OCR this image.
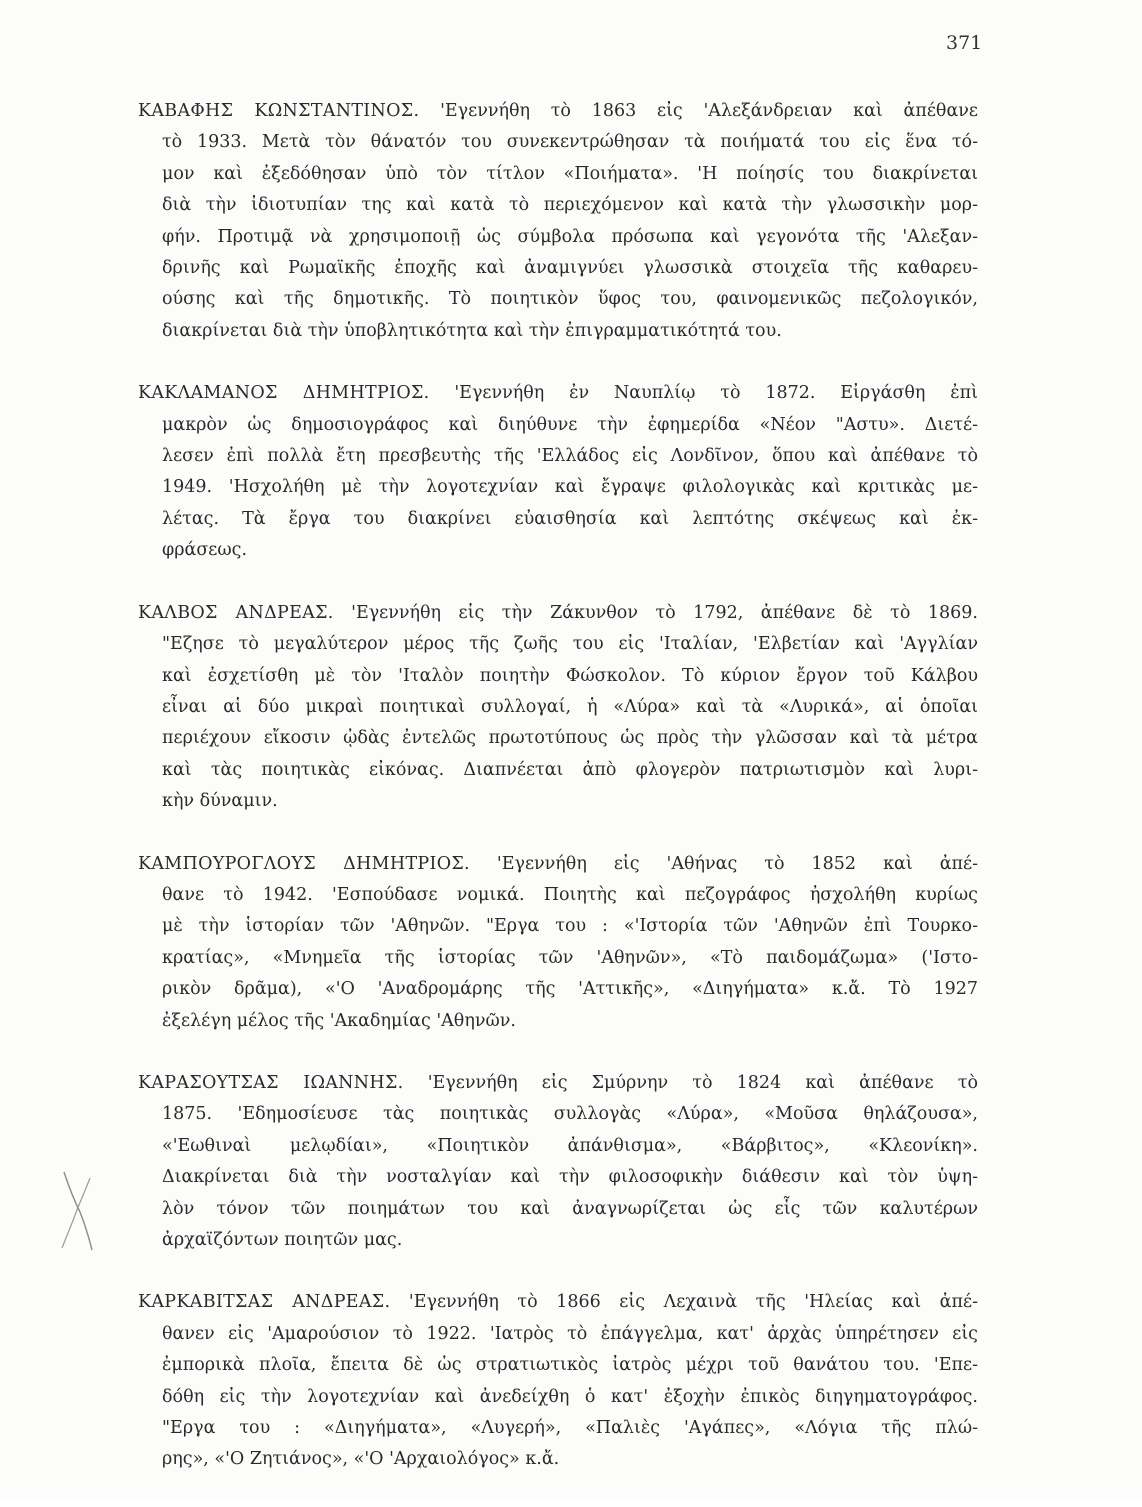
371
ΚΑΒΑΦΗΣ ΚΩΝΣΤΑΝΤΙΝΟΣ. 'Εγεννήθη τὸ 1863 εἰς 'Αλεξάνδρειαν καὶ ἀπέθανε
τὸ 1933. Μετὰ τὸν θάνατόν του συνεκεντρώθησαν τὰ ποιήματά του εἰς ἕνα τό-
μον καὶ ἐξεδόθησαν ὑπὸ τὸν τίτλον «Ποιήματα». 'Η ποίησίς του διακρίνεται
διὰ τὴν ἰδιοτυπίαν της καὶ κατὰ τὸ περιεχόμενον καὶ κατὰ τὴν γλωσσικὴν μορ-
φήν. Προτιμᾷ νὰ χρησιμοποιῇ ὡς σύμβολα πρόσωπα καὶ γεγονότα τῆς 'Αλεξαν-
δρινῆς καὶ Ρωμαϊκῆς ἐποχῆς καὶ ἀναμιγνύει γλωσσικὰ στοιχεῖα τῆς καθαρευ-
ούσης καὶ τῆς δημοτικῆς. Τὸ ποιητικὸν ὕφος του, φαινομενικῶς πεζολογικόν,
διακρίνεται διὰ τὴν ὑποβλητικότητα καὶ τὴν ἐπιγραμματικότητά του.
ΚΑΚΛΑΜΑΝΟΣ ΔΗΜΗΤΡΙΟΣ. 'Εγεννήθη ἐν Ναυπλίῳ τὸ 1872. Εἰργάσθη ἐπὶ
μακρὸν ὡς δημοσιογράφος καὶ διηύθυνε τὴν ἐφημερίδα «Νέον "Αστυ». Διετέ-
λεσεν ἐπὶ πολλὰ ἔτη πρεσβευτὴς τῆς 'Ελλάδος εἰς Λονδῖνον, ὅπου καὶ ἀπέθανε τὸ
1949. 'Ησχολήθη μὲ τὴν λογοτεχνίαν καὶ ἔγραψε φιλολογικὰς καὶ κριτικὰς με-
λέτας. Τὰ ἔργα του διακρίνει εὐαισθησία καὶ λεπτότης σκέψεως καὶ ἐκ-
φράσεως.
ΚΑΛΒΟΣ ΑΝΔΡΕΑΣ. 'Εγεννήθη εἰς τὴν Ζάκυνθον τὸ 1792, ἀπέθανε δὲ τὸ 1869.
"Εζησε τὸ μεγαλύτερον μέρος τῆς ζωῆς του εἰς 'Ιταλίαν, 'Ελβετίαν καὶ 'Αγγλίαν
καὶ ἐσχετίσθη μὲ τὸν 'Ιταλὸν ποιητὴν Φώσκολον. Τὸ κύριον ἔργον τοῦ Κάλβου
εἶναι αἱ δύο μικραὶ ποιητικαὶ συλλογαί, ἡ «Λύρα» καὶ τὰ «Λυρικά», αἱ ὁποῖαι
περιέχουν εἴκοσιν ᾠδὰς ἐντελῶς πρωτοτύπους ὡς πρὸς τὴν γλῶσσαν καὶ τὰ μέτρα
καὶ τὰς ποιητικὰς εἰκόνας. Διαπνέεται ἀπὸ φλογερὸν πατριωτισμὸν καὶ λυρι-
κὴν δύναμιν.
ΚΑΜΠΟΥΡΟΓΛΟΥΣ ΔΗΜΗΤΡΙΟΣ. 'Εγεννήθη εἰς 'Αθήνας τὸ 1852 καὶ ἀπέ-
θανε τὸ 1942. 'Εσπούδασε νομικά. Ποιητὴς καὶ πεζογράφος ἠσχολήθη κυρίως
μὲ τὴν ἱστορίαν τῶν 'Αθηνῶν. "Εργα του : «'Ιστορία τῶν 'Αθηνῶν ἐπὶ Τουρκο-
κρατίας», «Μνημεῖα τῆς ἱστορίας τῶν 'Αθηνῶν», «Τὸ παιδομάζωμα» ('Ιστο-
ρικὸν δρᾶμα), «'Ο 'Αναδρομάρης τῆς 'Αττικῆς», «Διηγήματα» κ.ἄ. Τὸ 1927
ἐξελέγη μέλος τῆς 'Ακαδημίας 'Αθηνῶν.
ΚΑΡΑΣΟΥΤΣΑΣ ΙΩΑΝΝΗΣ. 'Εγεννήθη εἰς Σμύρνην τὸ 1824 καὶ ἀπέθανε τὸ
1875. 'Εδημοσίευσε τὰς ποιητικὰς συλλογὰς «Λύρα», «Μοῦσα θηλάζουσα»,
«'Εωθιναὶ μελῳδίαι», «Ποιητικὸν ἀπάνθισμα», «Βάρβιτος», «Κλεονίκη».
Διακρίνεται διὰ τὴν νοσταλγίαν καὶ τὴν φιλοσοφικὴν διάθεσιν καὶ τὸν ὑψη-
λὸν τόνον τῶν ποιημάτων του καὶ ἀναγνωρίζεται ὡς εἷς τῶν καλυτέρων
ἀρχαϊζόντων ποιητῶν μας.
ΚΑΡΚΑΒΙΤΣΑΣ ΑΝΔΡΕΑΣ. 'Εγεννήθη τὸ 1866 εἰς Λεχαινὰ τῆς 'Ηλείας καὶ ἀπέ-
θανεν εἰς 'Αμαρούσιον τὸ 1922. 'Ιατρὸς τὸ ἐπάγγελμα, κατ' ἀρχὰς ὑπηρέτησεν εἰς
ἐμπορικὰ πλοῖα, ἔπειτα δὲ ὡς στρατιωτικὸς ἰατρὸς μέχρι τοῦ θανάτου του. 'Επε-
δόθη εἰς τὴν λογοτεχνίαν καὶ ἀνεδείχθη ὁ κατ' ἐξοχὴν ἐπικὸς διηγηματογράφος.
"Εργα του : «Διηγήματα», «Λυγερή», «Παλιὲς 'Αγάπες», «Λόγια τῆς πλώ-
ρης», «'Ο Ζητιάνος», «'Ο 'Αρχαιολόγος» κ.ἄ.
